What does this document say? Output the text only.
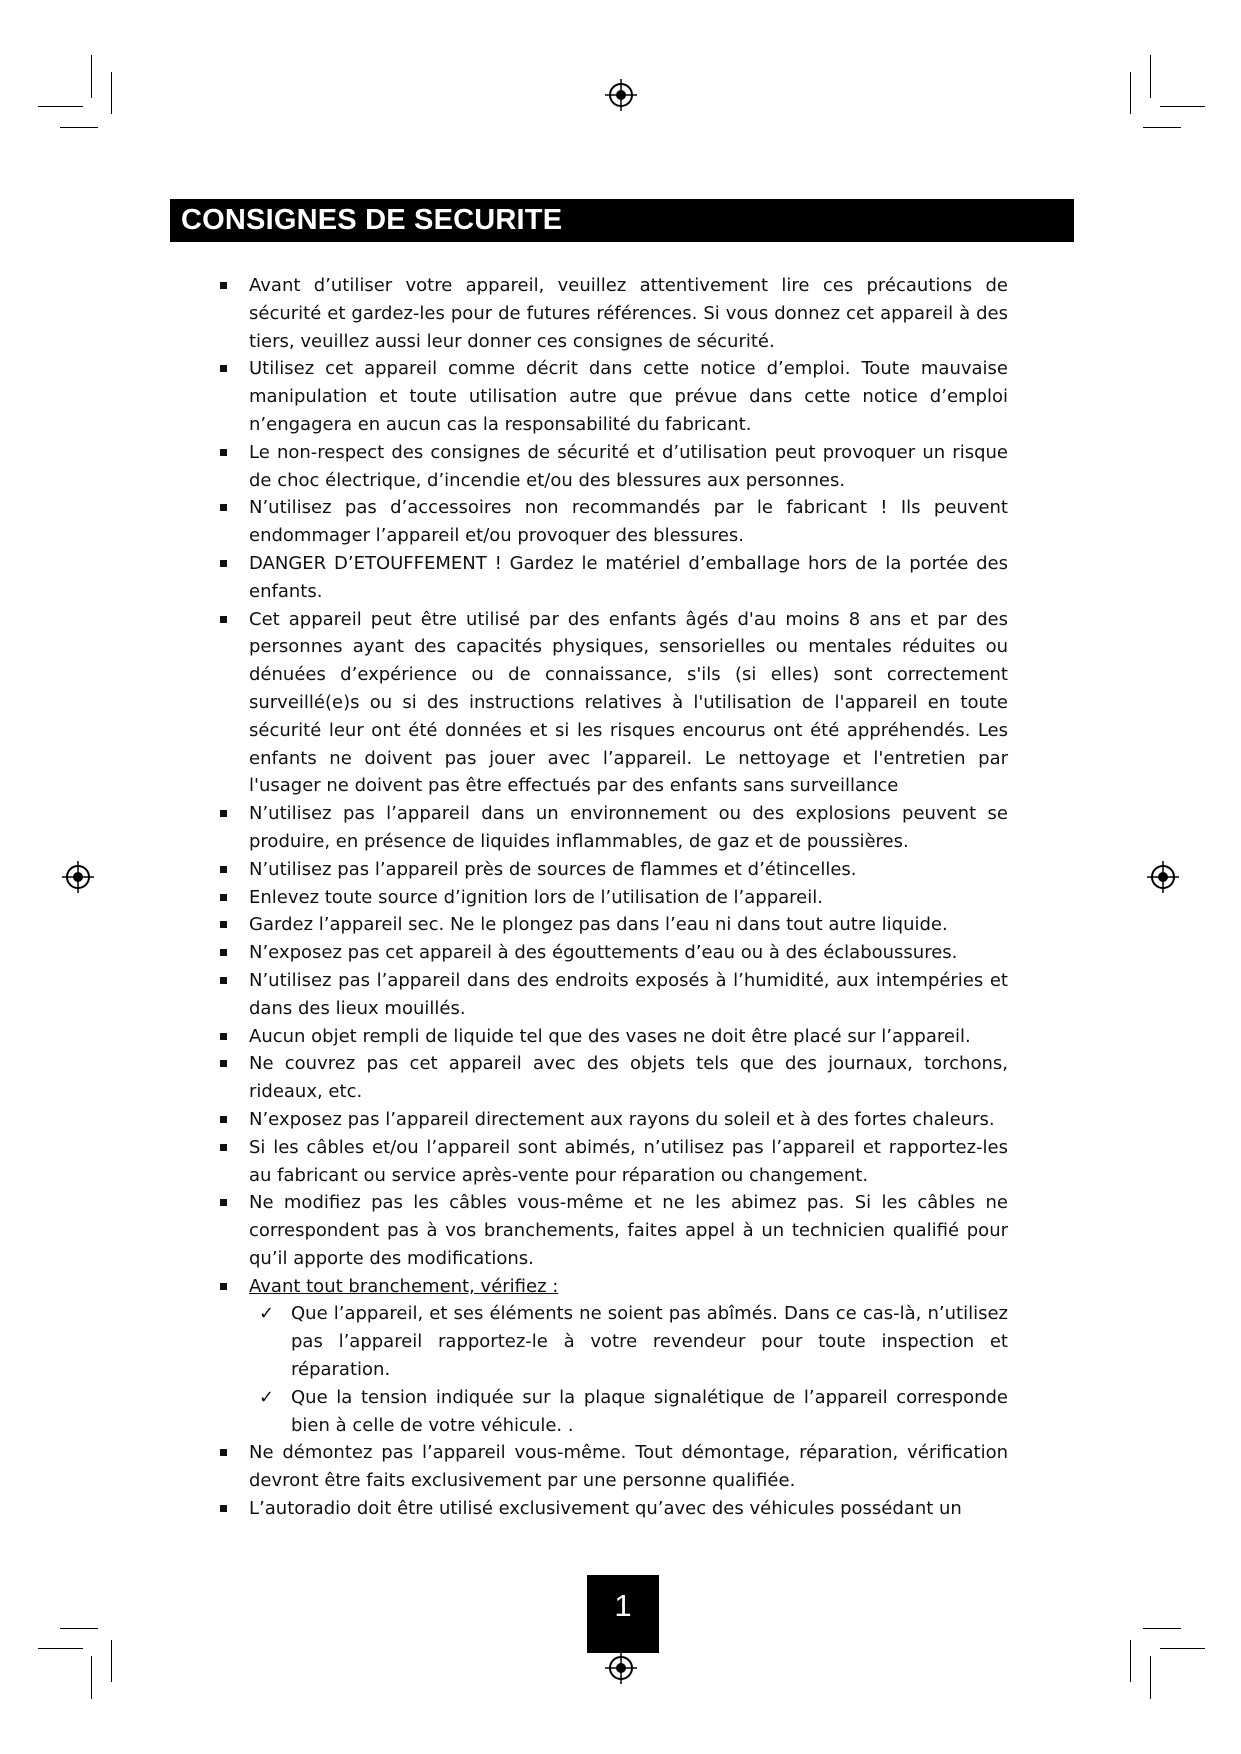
CONSIGNES DE SECURITE
Avant d’utiliser votre appareil, veuillez attentivement lire ces précautions de sécurité et gardez-les pour de futures références. Si vous donnez cet appareil à des tiers, veuillez aussi leur donner ces consignes de sécurité.
Utilisez cet appareil comme décrit dans cette notice d’emploi. Toute mauvaise manipulation et toute utilisation autre que prévue dans cette notice d’emploi n’engagera en aucun cas la responsabilité du fabricant.
Le non-respect des consignes de sécurité et d’utilisation peut provoquer un risque de choc électrique, d’incendie et/ou des blessures aux personnes.
N’utilisez pas d’accessoires non recommandés par le fabricant ! Ils peuvent endommager l’appareil et/ou provoquer des blessures.
DANGER D’ETOUFFEMENT ! Gardez le matériel d’emballage hors de la portée des enfants.
Cet appareil peut être utilisé par des enfants âgés d'au moins 8 ans et par des personnes ayant des capacités physiques, sensorielles ou mentales réduites ou dénuées d’expérience ou de connaissance, s'ils (si elles) sont correctement surveillé(e)s ou si des instructions relatives à l'utilisation de l'appareil en toute sécurité leur ont été données et si les risques encourus ont été appréhendés. Les enfants ne doivent pas jouer avec l’appareil. Le nettoyage et l'entretien par l'usager ne doivent pas être effectués par des enfants sans surveillance
N’utilisez pas l’appareil dans un environnement ou des explosions peuvent se produire, en présence de liquides inflammables, de gaz et de poussières.
N’utilisez pas l’appareil près de sources de flammes et d’étincelles.
Enlevez toute source d’ignition lors de l’utilisation de l’appareil.
Gardez l’appareil sec. Ne le plongez pas dans l’eau ni dans tout autre liquide.
N’exposez pas cet appareil à des égouttements d’eau ou à des éclaboussures.
N’utilisez pas l’appareil dans des endroits exposés à l’humidité, aux intempéries et dans des lieux mouillés.
Aucun objet rempli de liquide tel que des vases ne doit être placé sur l’appareil.
Ne couvrez pas cet appareil avec des objets tels que des journaux, torchons, rideaux, etc.
N’exposez pas l’appareil directement aux rayons du soleil et à des fortes chaleurs.
Si les câbles et/ou l’appareil sont abimés, n’utilisez pas l’appareil et rapportez-les au fabricant ou service après-vente pour réparation ou changement.
Ne modifiez pas les câbles vous-même et ne les abimez pas. Si les câbles ne correspondent pas à vos branchements, faites appel à un technicien qualifié pour qu’il apporte des modifications.
Avant tout branchement, vérifiez :
✓ Que l’appareil, et ses éléments ne soient pas abîmés. Dans ce cas-là, n’utilisez pas l’appareil rapportez-le à votre revendeur pour toute inspection et réparation.
✓ Que la tension indiquée sur la plaque signalétique de l’appareil corresponde bien à celle de votre véhicule. .
Ne démontez pas l’appareil vous-même. Tout démontage, réparation, vérification devront être faits exclusivement par une personne qualifiée.
L’autoradio doit être utilisé exclusivement qu’avec des véhicules possédant un
1
